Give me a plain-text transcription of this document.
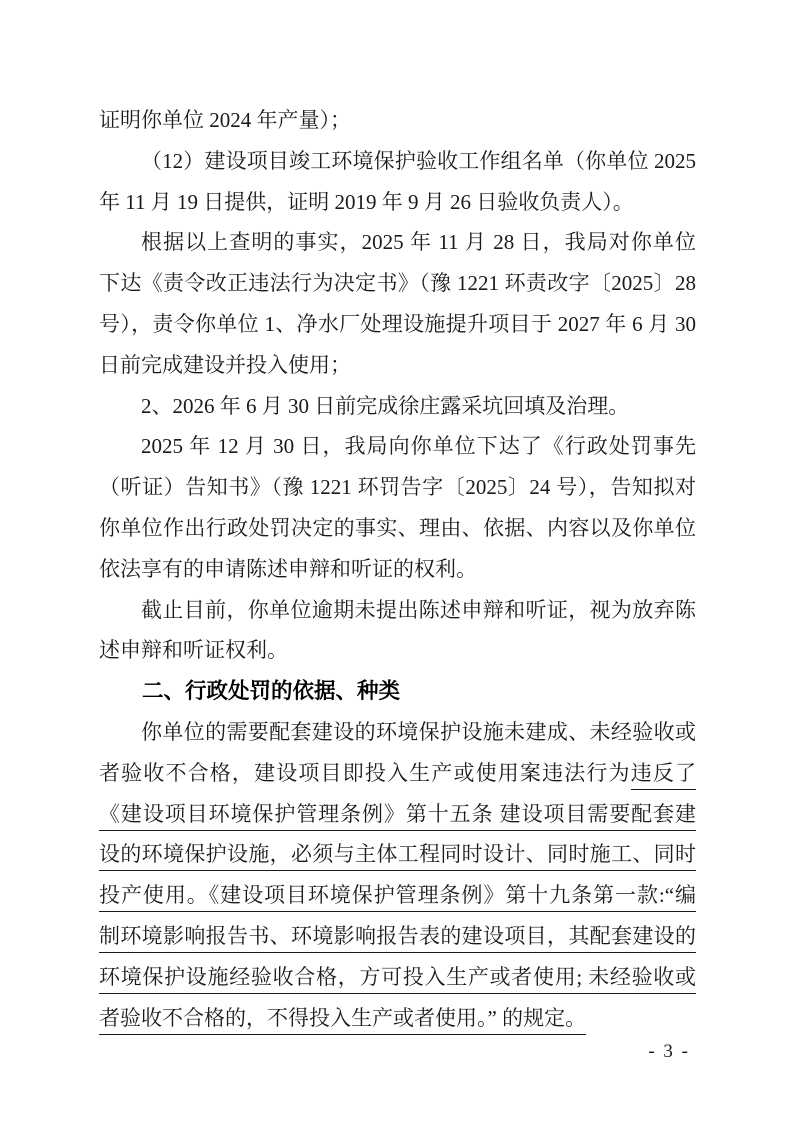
证明你单位 2024 年产量）；
（12）建设项目竣工环境保护验收工作组名单（你单位 2025
年 11 月 19 日提供，证明 2019 年 9 月 26 日验收负责人）。
根据以上查明的事实，2025 年 11 月 28 日，我局对你单位
下达《责令改正违法行为决定书》（豫 1221 环责改字〔2025〕28
号），责令你单位 1、净水厂处理设施提升项目于 2027 年 6 月 30
日前完成建设并投入使用；
2、2026 年 6 月 30 日前完成徐庄露采坑回填及治理。
2025 年 12 月 30 日，我局向你单位下达了《行政处罚事先
（听证）告知书》（豫 1221 环罚告字〔2025〕24 号），告知拟对
你单位作出行政处罚决定的事实、理由、依据、内容以及你单位
依法享有的申请陈述申辩和听证的权利。
截止目前，你单位逾期未提出陈述申辩和听证，视为放弃陈
述申辩和听证权利。
二、行政处罚的依据、种类
你单位的需要配套建设的环境保护设施未建成、未经验收或
者验收不合格，建设项目即投入生产或使用案违法行为违反了
《建设项目环境保护管理条例》第十五条 建设项目需要配套建
设的环境保护设施，必须与主体工程同时设计、同时施工、同时
投产使用。《建设项目环境保护管理条例》第十九条第一款:“编
制环境影响报告书、环境影响报告表的建设项目，其配套建设的
环境保护设施经验收合格，方可投入生产或者使用; 未经验收或
者验收不合格的，不得投入生产或者使用。” 的规定。
- 3 -
